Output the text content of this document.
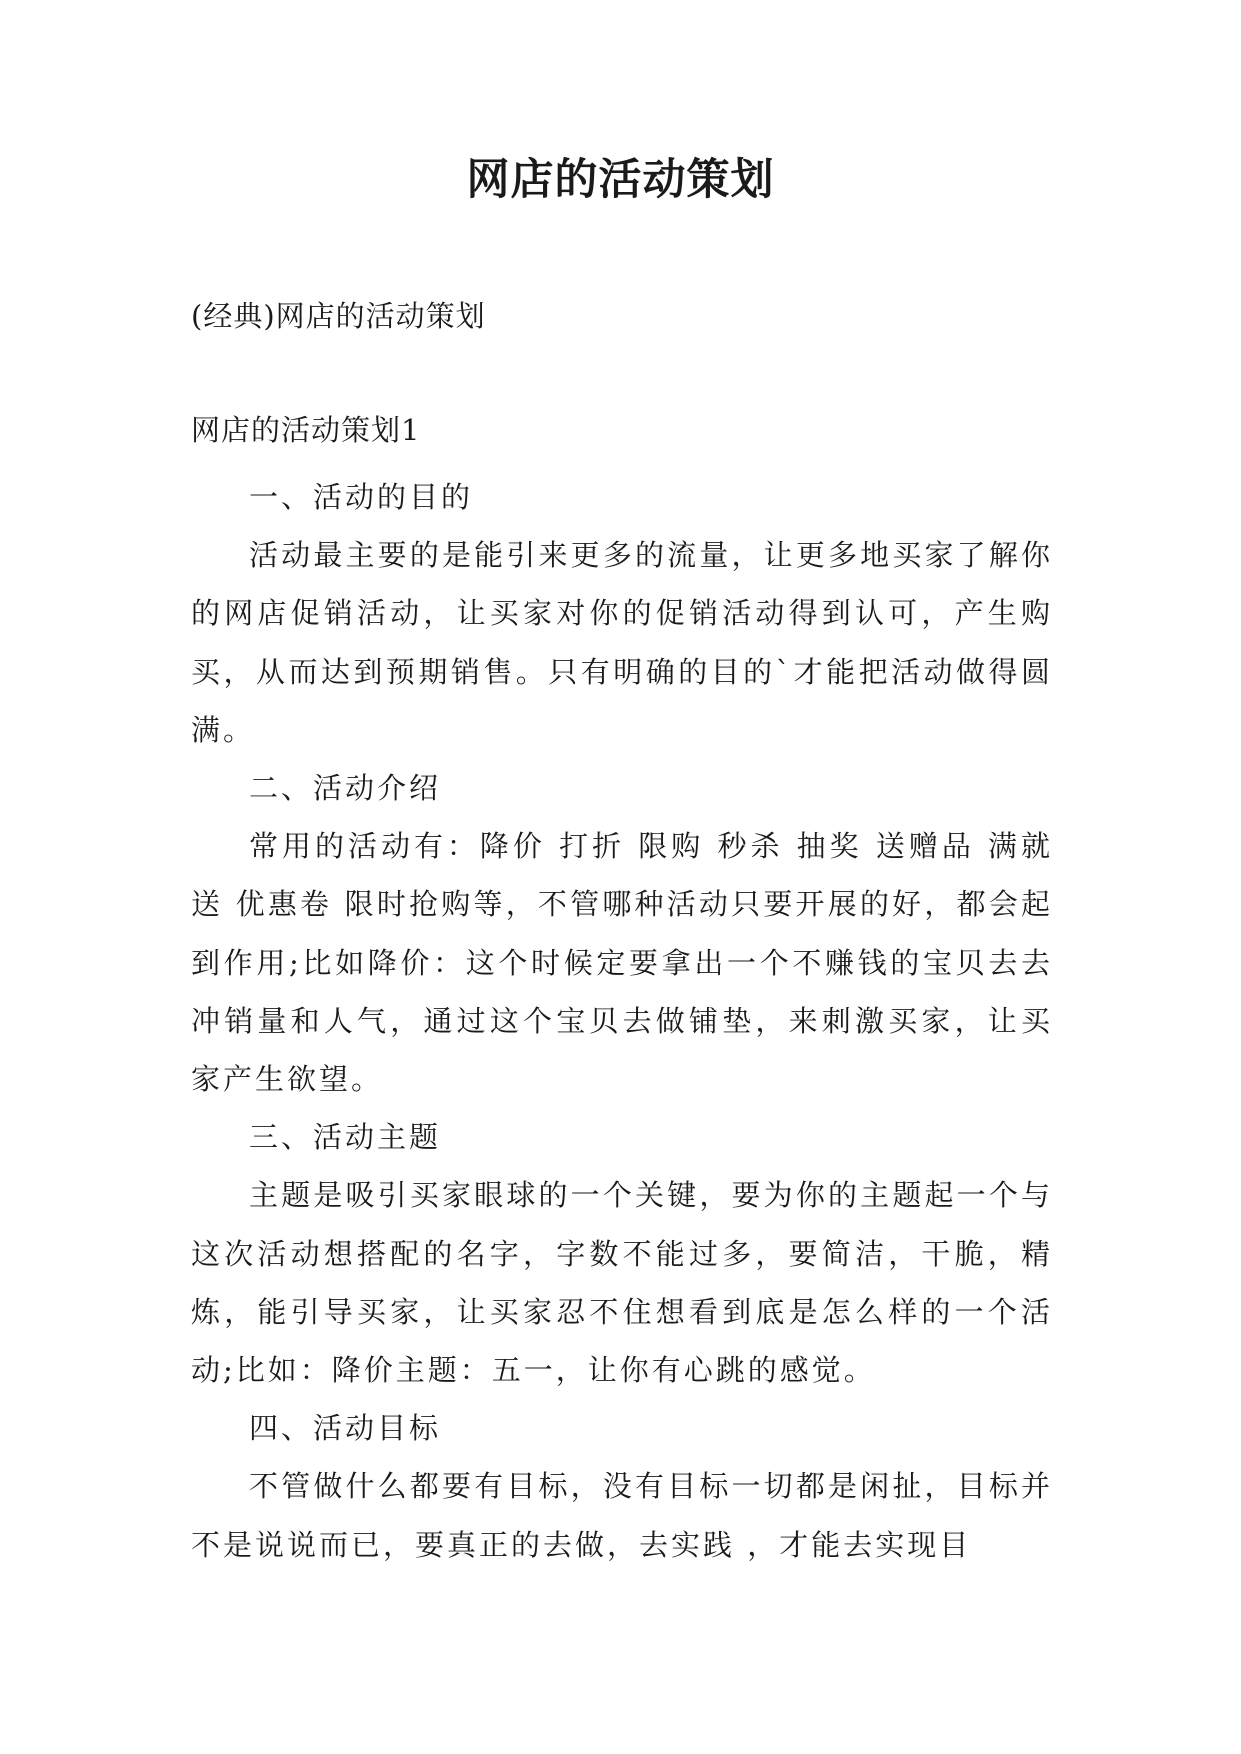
网店的活动策划
(经典)网店的活动策划
网店的活动策划1

一、活动的目的

活动最主要的是能引来更多的流量，让更多地买家了解你的网店促销活动，让买家对你的促销活动得到认可，产生购买，从而达到预期销售。只有明确的目的`才能把活动做得圆满。

二、活动介绍

常用的活动有：降价 打折 限购 秒杀 抽奖 送赠品 满就送 优惠卷 限时抢购等，不管哪种活动只要开展的好，都会起到作用;比如降价：这个时候定要拿出一个不赚钱的宝贝去去冲销量和人气，通过这个宝贝去做铺垫，来刺激买家，让买家产生欲望。

三、活动主题

主题是吸引买家眼球的一个关键，要为你的主题起一个与这次活动想搭配的名字，字数不能过多，要简洁，干脆，精炼，能引导买家，让买家忍不住想看到底是怎么样的一个活动;比如：降价主题：五一，让你有心跳的感觉。

四、活动目标

不管做什么都要有目标，没有目标一切都是闲扯，目标并不是说说而已，要真正的去做，去实践 ，才能去实现目
